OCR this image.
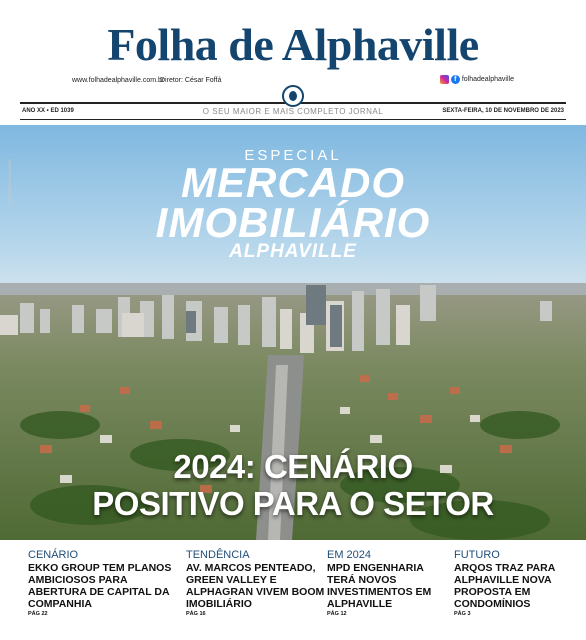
Folha de Alphaville
www.folhadealphaville.com.br
Diretor: César Foffá	f folhadealphaville
ANO XX • ED 1039	O SEU MAIOR E MAIS COMPLETO JORNAL	SEXTA-FEIRA, 10 DE NOVEMBRO DE 2023
ANÚNCIO/DIVULGAÇÃO
ESPECIAL
MERCADO
IMOBILIÁRIO
ALPHAVILLE
2024: CENÁRIO
POSITIVO PARA O SETOR
CENÁRIO
EKKO GROUP TEM PLANOS AMBICIOSOS PARA ABERTURA DE CAPITAL DA COMPANHIA
PÁG 22
TENDÊNCIA
AV. MARCOS PENTEADO, GREEN VALLEY E ALPHAGRAN VIVEM BOOM IMOBILIÁRIO
PÁG 16
EM 2024
MPD ENGENHARIA TERÁ NOVOS INVESTIMENTOS EM ALPHAVILLE
PÁG 12
FUTURO
ARQOS TRAZ PARA ALPHAVILLE NOVA PROPOSTA EM CONDOMÍNIOS
PÁG 3
